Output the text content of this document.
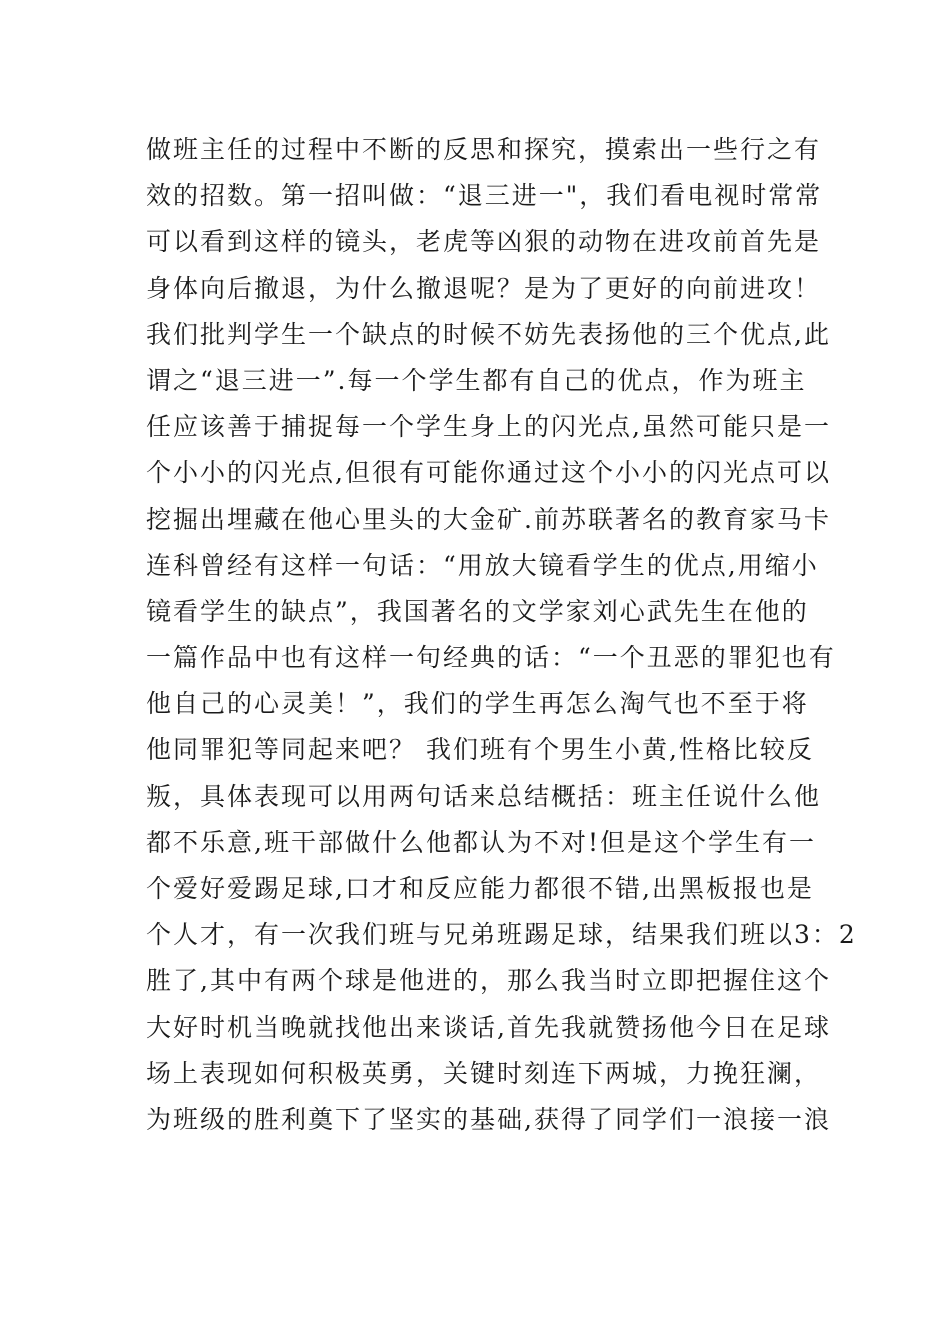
做班主任的过程中不断的反思和探究，摸索出一些行之有
效的招数。第一招叫做：“退三进一"，我们看电视时常常
可以看到这样的镜头，老虎等凶狠的动物在进攻前首先是
身体向后撤退，为什么撤退呢？是为了更好的向前进攻！
我们批判学生一个缺点的时候不妨先表扬他的三个优点,此
谓之“退三进一”.每一个学生都有自己的优点，作为班主
任应该善于捕捉每一个学生身上的闪光点,虽然可能只是一
个小小的闪光点,但很有可能你通过这个小小的闪光点可以
挖掘出埋藏在他心里头的大金矿.前苏联著名的教育家马卡
连科曾经有这样一句话：“用放大镜看学生的优点,用缩小
镜看学生的缺点”，我国著名的文学家刘心武先生在他的
一篇作品中也有这样一句经典的话：“一个丑恶的罪犯也有
他自己的心灵美！”，我们的学生再怎么淘气也不至于将
他同罪犯等同起来吧？ 我们班有个男生小黄,性格比较反
叛，具体表现可以用两句话来总结概括：班主任说什么他
都不乐意,班干部做什么他都认为不对!但是这个学生有一
个爱好爱踢足球,口才和反应能力都很不错,出黑板报也是
个人才，有一次我们班与兄弟班踢足球，结果我们班以3：2
胜了,其中有两个球是他进的，那么我当时立即把握住这个
大好时机当晚就找他出来谈话,首先我就赞扬他今日在足球
场上表现如何积极英勇，关键时刻连下两城，力挽狂澜，
为班级的胜利奠下了坚实的基础,获得了同学们一浪接一浪
